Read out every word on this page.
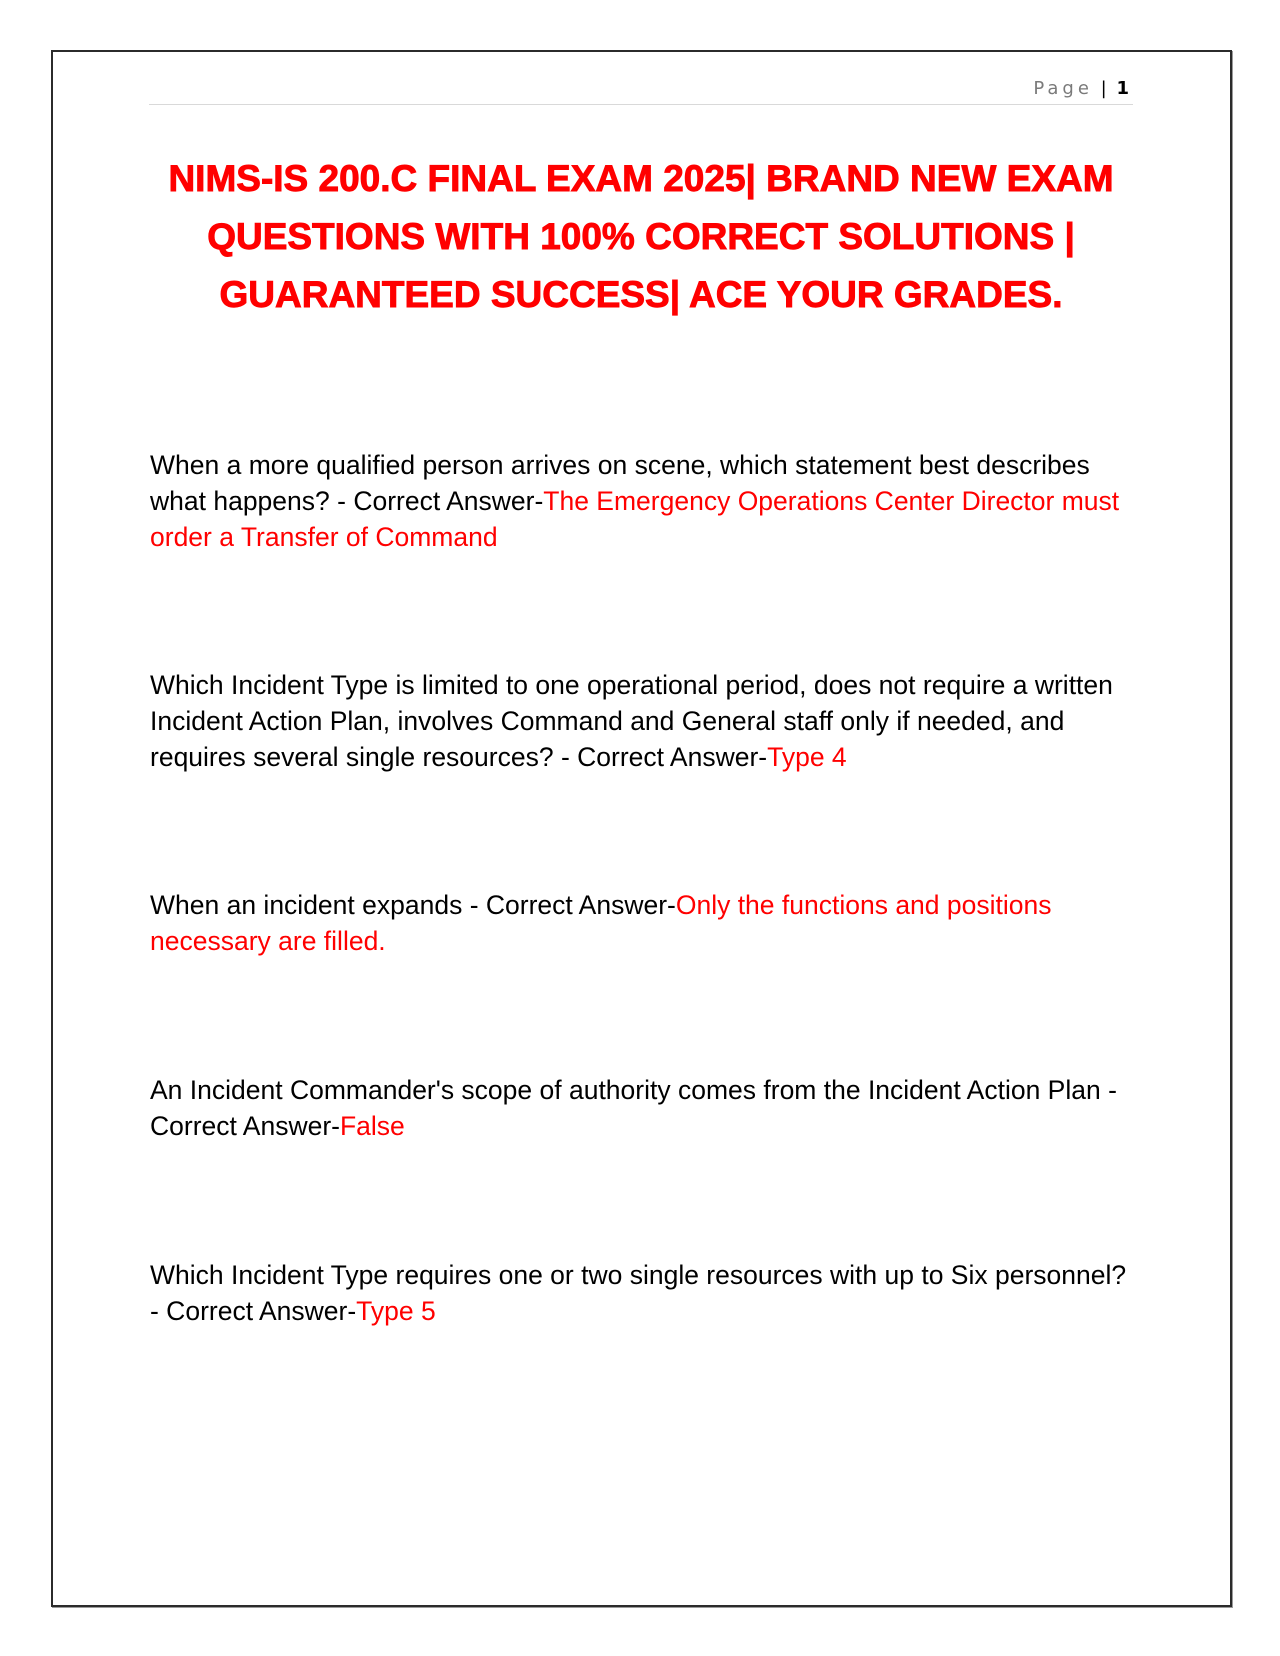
Page | 1
NIMS-IS 200.C FINAL EXAM 2025| BRAND NEW EXAM QUESTIONS WITH 100% CORRECT SOLUTIONS | GUARANTEED SUCCESS| ACE YOUR GRADES.

When a more qualified person arrives on scene, which statement best describes what happens? - Correct Answer-The Emergency Operations Center Director must order a Transfer of Command

Which Incident Type is limited to one operational period, does not require a written Incident Action Plan, involves Command and General staff only if needed, and requires several single resources? - Correct Answer-Type 4

When an incident expands - Correct Answer-Only the functions and positions necessary are filled.

An Incident Commander's scope of authority comes from the Incident Action Plan - Correct Answer-False

Which Incident Type requires one or two single resources with up to Six personnel? - Correct Answer-Type 5
